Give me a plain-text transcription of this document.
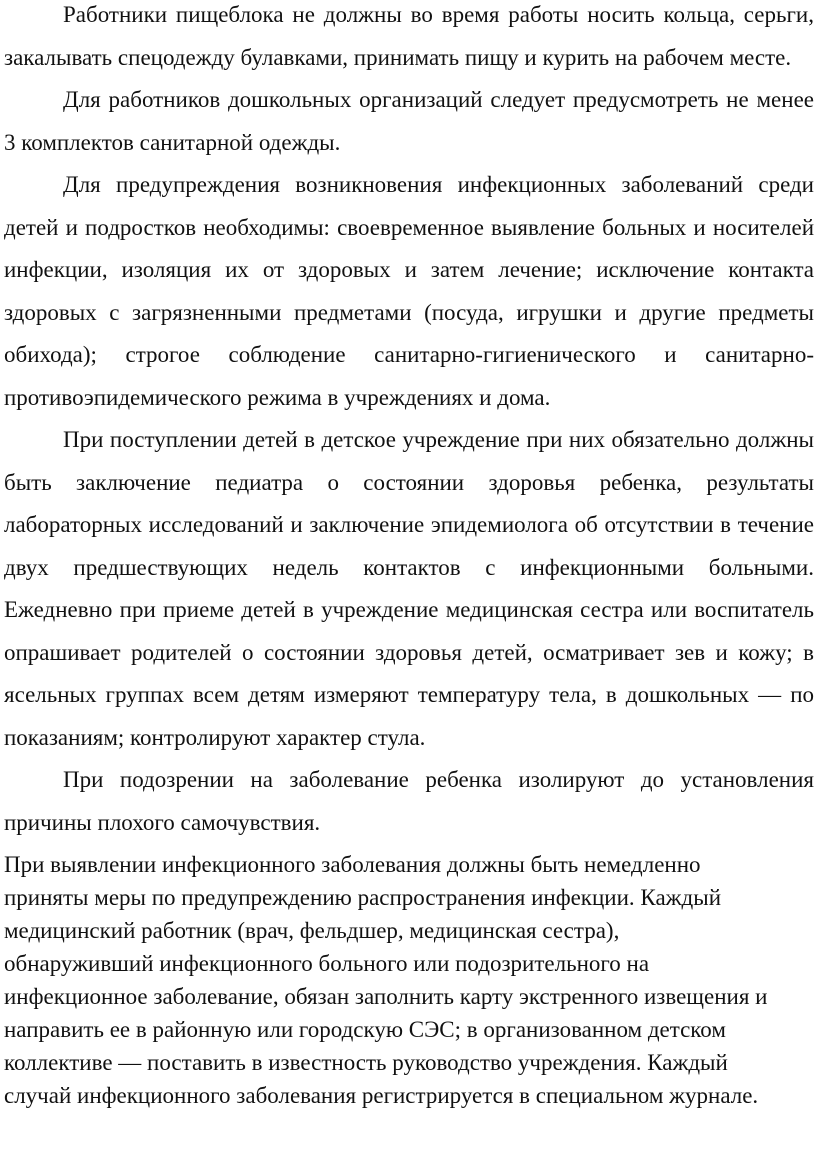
Работники пищеблока не должны во время работы носить кольца, серьги, закалывать спецодежду булавками, принимать пищу и курить на рабочем месте.

Для работников дошкольных организаций следует предусмотреть не менее 3 комплектов санитарной одежды.

Для предупреждения возникновения инфекционных заболеваний среди детей и подростков необходимы: своевременное выявление больных и носителей инфекции, изоляция их от здоровых и затем лечение; исключение контакта здоровых с загрязненными предметами (посуда, игрушки и другие предметы обихода); строгое соблюдение санитарно-гигиенического и санитарно-противоэпидемического режима в учреждениях и дома.

При поступлении детей в детское учреждение при них обязательно должны быть заключение педиатра о состоянии здоровья ребенка, результаты лабораторных исследований и заключение эпидемиолога об отсутствии в течение двух предшествующих недель контактов с инфекционными больными. Ежедневно при приеме детей в учреждение медицинская сестра или воспитатель опрашивает родителей о состоянии здоровья детей, осматривает зев и кожу; в ясельных группах всем детям измеряют температуру тела, в дошкольных — по показаниям; контролируют характер стула.

При подозрении на заболевание ребенка изолируют до установления причины плохого самочувствия.

При выявлении инфекционного заболевания должны быть немедленно
приняты меры по предупреждению распространения инфекции. Каждый
медицинский работник (врач, фельдшер, медицинская сестра),
обнаруживший инфекционного больного или подозрительного на
инфекционное заболевание, обязан заполнить карту экстренного извещения и
направить ее в районную или городскую СЭС; в организованном детском
коллективе — поставить в известность руководство учреждения. Каждый
случай инфекционного заболевания регистрируется в специальном журнале.
